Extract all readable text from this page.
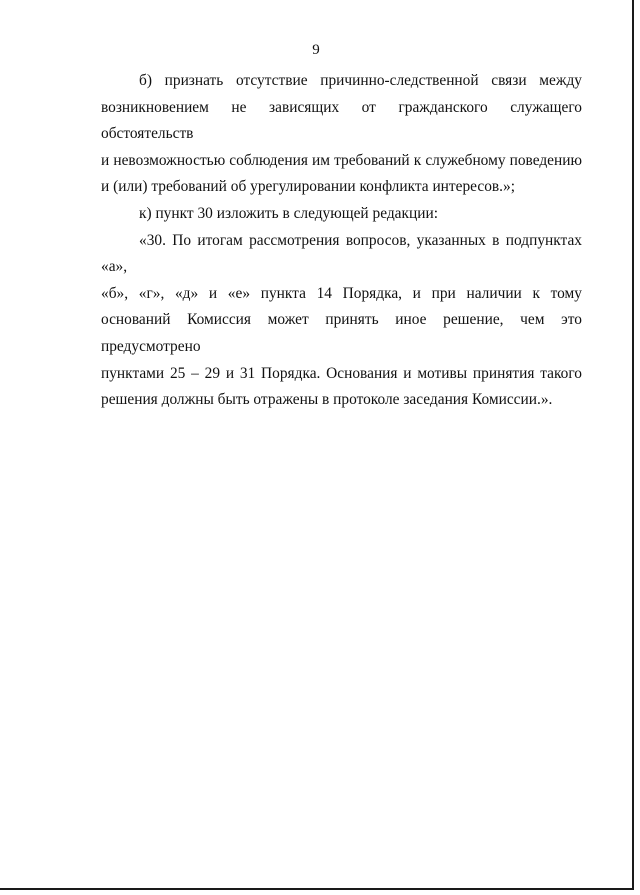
9

б) признать отсутствие причинно-следственной связи между
возникновением не зависящих от гражданского служащего обстоятельств
и невозможностью соблюдения им требований к служебному поведению
и (или) требований об урегулировании конфликта интересов.»;

к) пункт 30 изложить в следующей редакции:

«30. По итогам рассмотрения вопросов, указанных в подпунктах «а»,
«б», «г», «д» и «е» пункта 14 Порядка, и при наличии к тому
оснований Комиссия может принять иное решение, чем это предусмотрено
пунктами 25 – 29 и 31 Порядка. Основания и мотивы принятия такого
решения должны быть отражены в протоколе заседания Комиссии.».
